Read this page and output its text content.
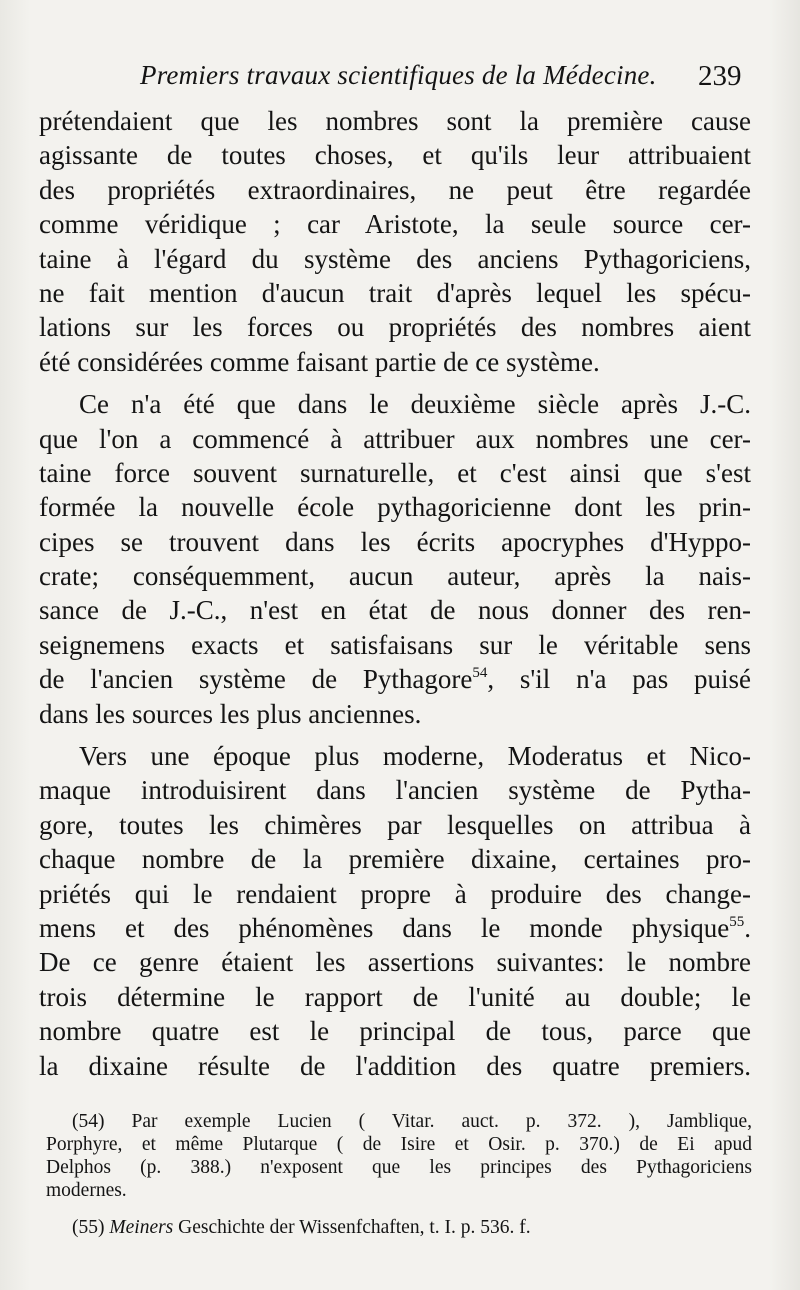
Premiers travaux scientifiques de la Médecine. 239
prétendaient que les nombres sont la première cause
agissante de toutes choses, et qu'ils leur attribuaient
des propriétés extraordinaires, ne peut être regardée
comme véridique ; car Aristote, la seule source cer-
taine à l'égard du système des anciens Pythagoriciens,
ne fait mention d'aucun trait d'après lequel les spécu-
lations sur les forces ou propriétés des nombres aient
été considérées comme faisant partie de ce système.
Ce n'a été que dans le deuxième siècle après J.-C.
que l'on a commencé à attribuer aux nombres une cer-
taine force souvent surnaturelle, et c'est ainsi que s'est
formée la nouvelle école pythagoricienne dont les prin-
cipes se trouvent dans les écrits apocryphes d'Hyppo-
crate; conséquemment, aucun auteur, après la nais-
sance de J.-C., n'est en état de nous donner des ren-
seignemens exacts et satisfaisans sur le véritable sens
de l'ancien système de Pythagore$^{54}$, s'il n'a pas puisé
dans les sources les plus anciennes.
Vers une époque plus moderne, Moderatus et Nico-
maque introduisirent dans l'ancien système de Pytha-
gore, toutes les chimères par lesquelles on attribua à
chaque nombre de la première dixaine, certaines pro-
priétés qui le rendaient propre à produire des change-
mens et des phénomènes dans le monde physique$^{55}$.
De ce genre étaient les assertions suivantes: le nombre
trois détermine le rapport de l'unité au double; le
nombre quatre est le principal de tous, parce que
la dixaine résulte de l'addition des quatre premiers.
(54) Par exemple Lucien ( Vitar. auct. p. 372. ), Jamblique,
Porphyre, et même Plutarque ( de Isire et Osir. p. 370.) de Ei apud
Delphos (p. 388.) n'exposent que les principes des Pythagoriciens
modernes.
(55) Meiners Geschichte der Wissenfchaften, t. I. p. 536. f.
